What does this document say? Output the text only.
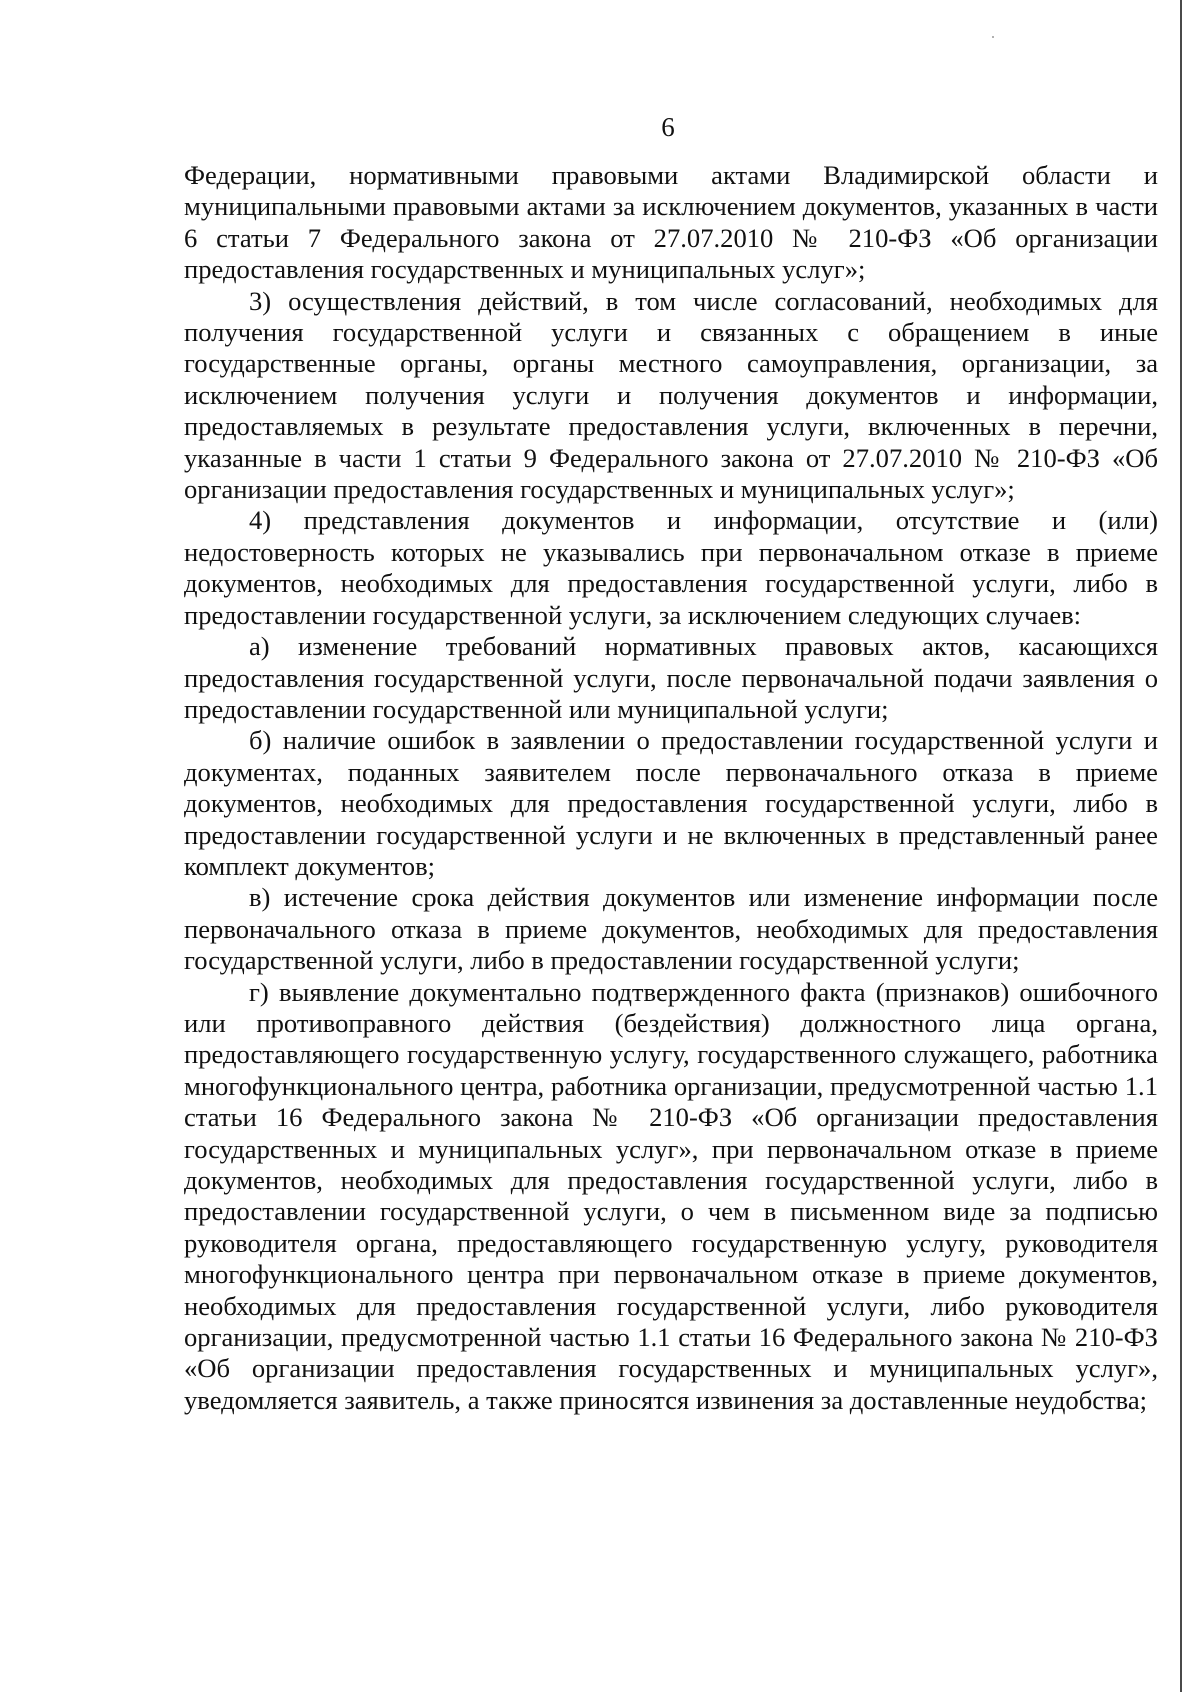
6

Федерации, нормативными правовыми актами Владимирской области и муниципальными правовыми актами за исключением документов, указанных в части 6 статьи 7 Федерального закона от 27.07.2010 № 210-ФЗ «Об организации предоставления государственных и муниципальных услуг»;

3) осуществления действий, в том числе согласований, необходимых для получения государственной услуги и связанных с обращением в иные государственные органы, органы местного самоуправления, организации, за исключением получения услуги и получения документов и информации, предоставляемых в результате предоставления услуги, включенных в перечни, указанные в части 1 статьи 9 Федерального закона от 27.07.2010 № 210-ФЗ «Об организации предоставления государственных и муниципальных услуг»;

4) представления документов и информации, отсутствие и (или) недостоверность которых не указывались при первоначальном отказе в приеме документов, необходимых для предоставления государственной услуги, либо в предоставлении государственной услуги, за исключением следующих случаев:

а) изменение требований нормативных правовых актов, касающихся предоставления государственной услуги, после первоначальной подачи заявления о предоставлении государственной или муниципальной услуги;

б) наличие ошибок в заявлении о предоставлении государственной услуги и документах, поданных заявителем после первоначального отказа в приеме документов, необходимых для предоставления государственной услуги, либо в предоставлении государственной услуги и не включенных в представленный ранее комплект документов;

в) истечение срока действия документов или изменение информации после первоначального отказа в приеме документов, необходимых для предоставления государственной услуги, либо в предоставлении государственной услуги;

г) выявление документально подтвержденного факта (признаков) ошибочного или противоправного действия (бездействия) должностного лица органа, предоставляющего государственную услугу, государственного служащего, работника многофункционального центра, работника организации, предусмотренной частью 1.1 статьи 16 Федерального закона № 210-ФЗ «Об организации предоставления государственных и муниципальных услуг», при первоначальном отказе в приеме документов, необходимых для предоставления государственной услуги, либо в предоставлении государственной услуги, о чем в письменном виде за подписью руководителя органа, предоставляющего государственную услугу, руководителя многофункционального центра при первоначальном отказе в приеме документов, необходимых для предоставления государственной услуги, либо руководителя организации, предусмотренной частью 1.1 статьи 16 Федерального закона № 210-ФЗ «Об организации предоставления государственных и муниципальных услуг», уведомляется заявитель, а также приносятся извинения за доставленные неудобства;
